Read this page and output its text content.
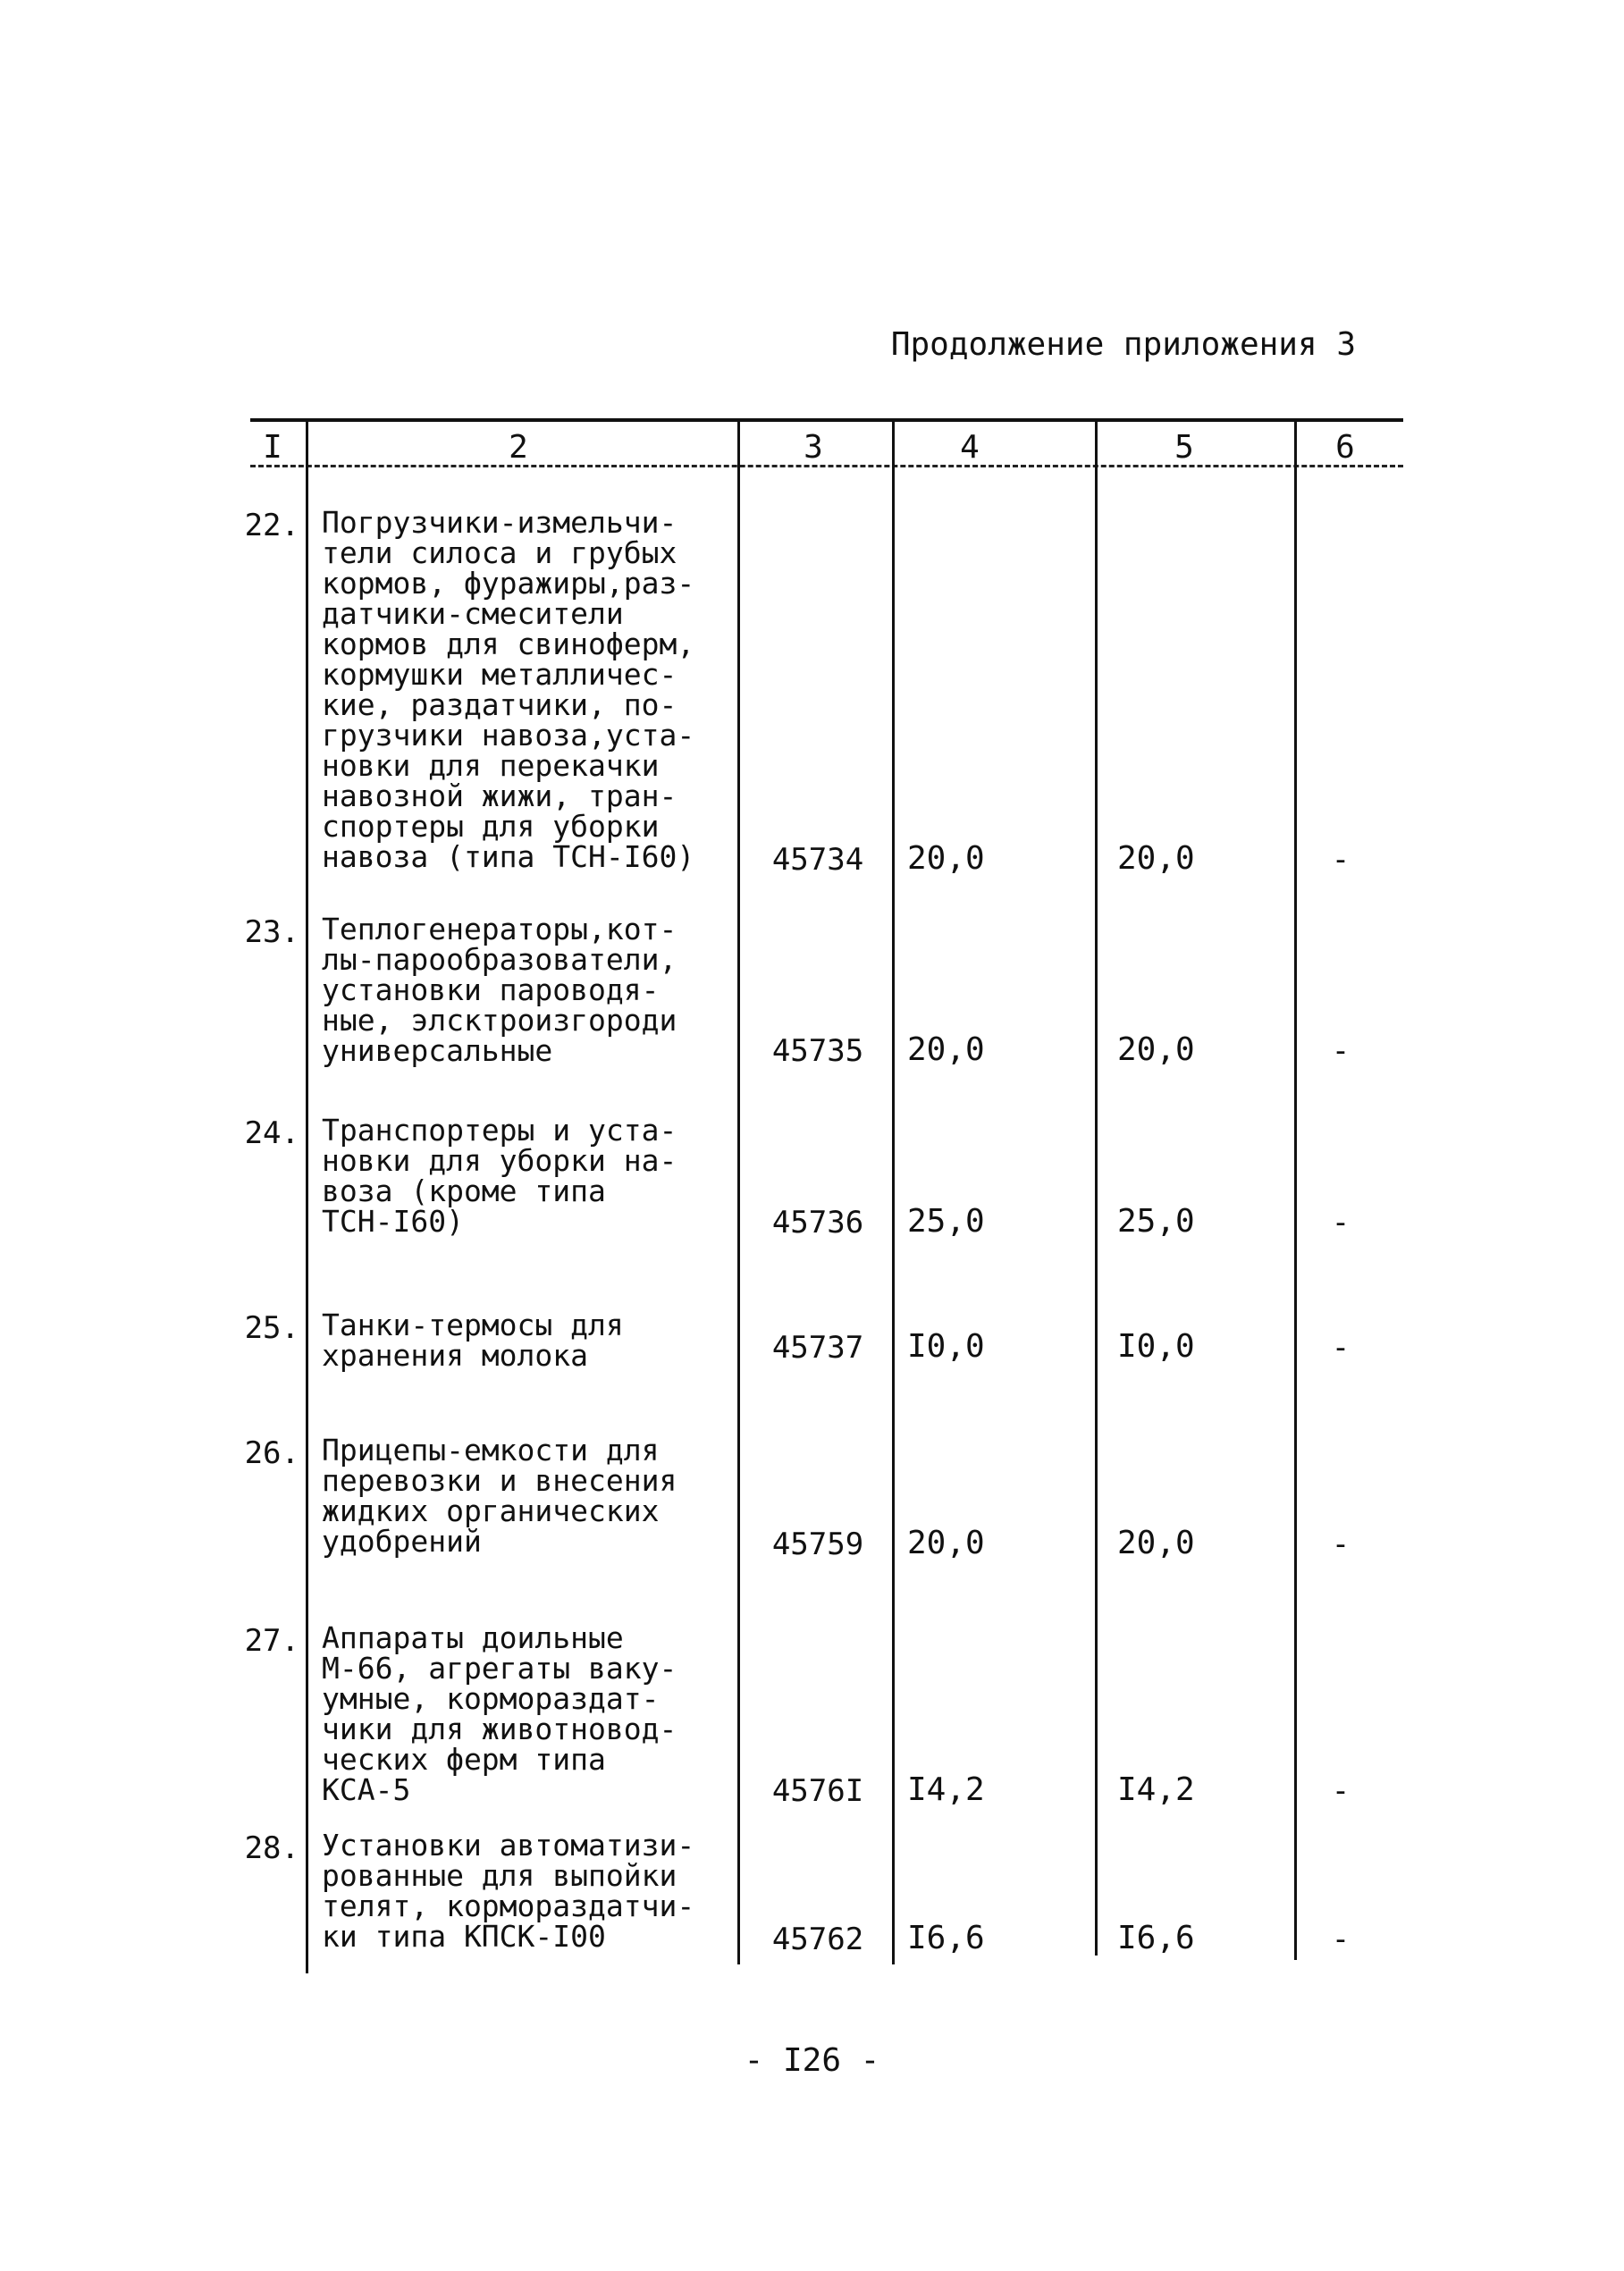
Продолжение приложения 3
I	2	3	4	5	6
22. Погрузчики-измельчи-
тели силоса и грубых
кормов, фуражиры,раз-
датчики-смесители
кормов для свинoферм,
кормушки металличес-
кие, раздатчики, по-
грузчики навоза,уста-
новки для перекачки
навозной жижи, тран-
спортеры для уборки
навоза (типа ТСН-I60)	45734	20,0	20,0	-
23. Теплогенераторы,кот-
лы-парообразователи,
установки пароводя-
ные, элсктроизгороди
универсальные	45735	20,0	20,0	-
24. Транспортеры и уста-
новки для уборки на-
воза (кроме типа
ТСН-I60)	45736	25,0	25,0	-
25. Танки-термосы для
хранения молока	45737	I0,0	I0,0	-
26. Прицепы-емкости для
перевозки и внесения
жидких органических
удобрений	45759	20,0	20,0	-
27. Аппараты доильные
М-66, агрегаты ваку-
умные, кормораздат-
чики для животновод-
ческих ферм типа
КСА-5	4576I	I4,2	I4,2	-
28. Установки автоматизи-
рованные для выпойки
телят, кормораздатчи-
ки типа КПСК-I00	45762	I6,6	I6,6	-
- I26 -
